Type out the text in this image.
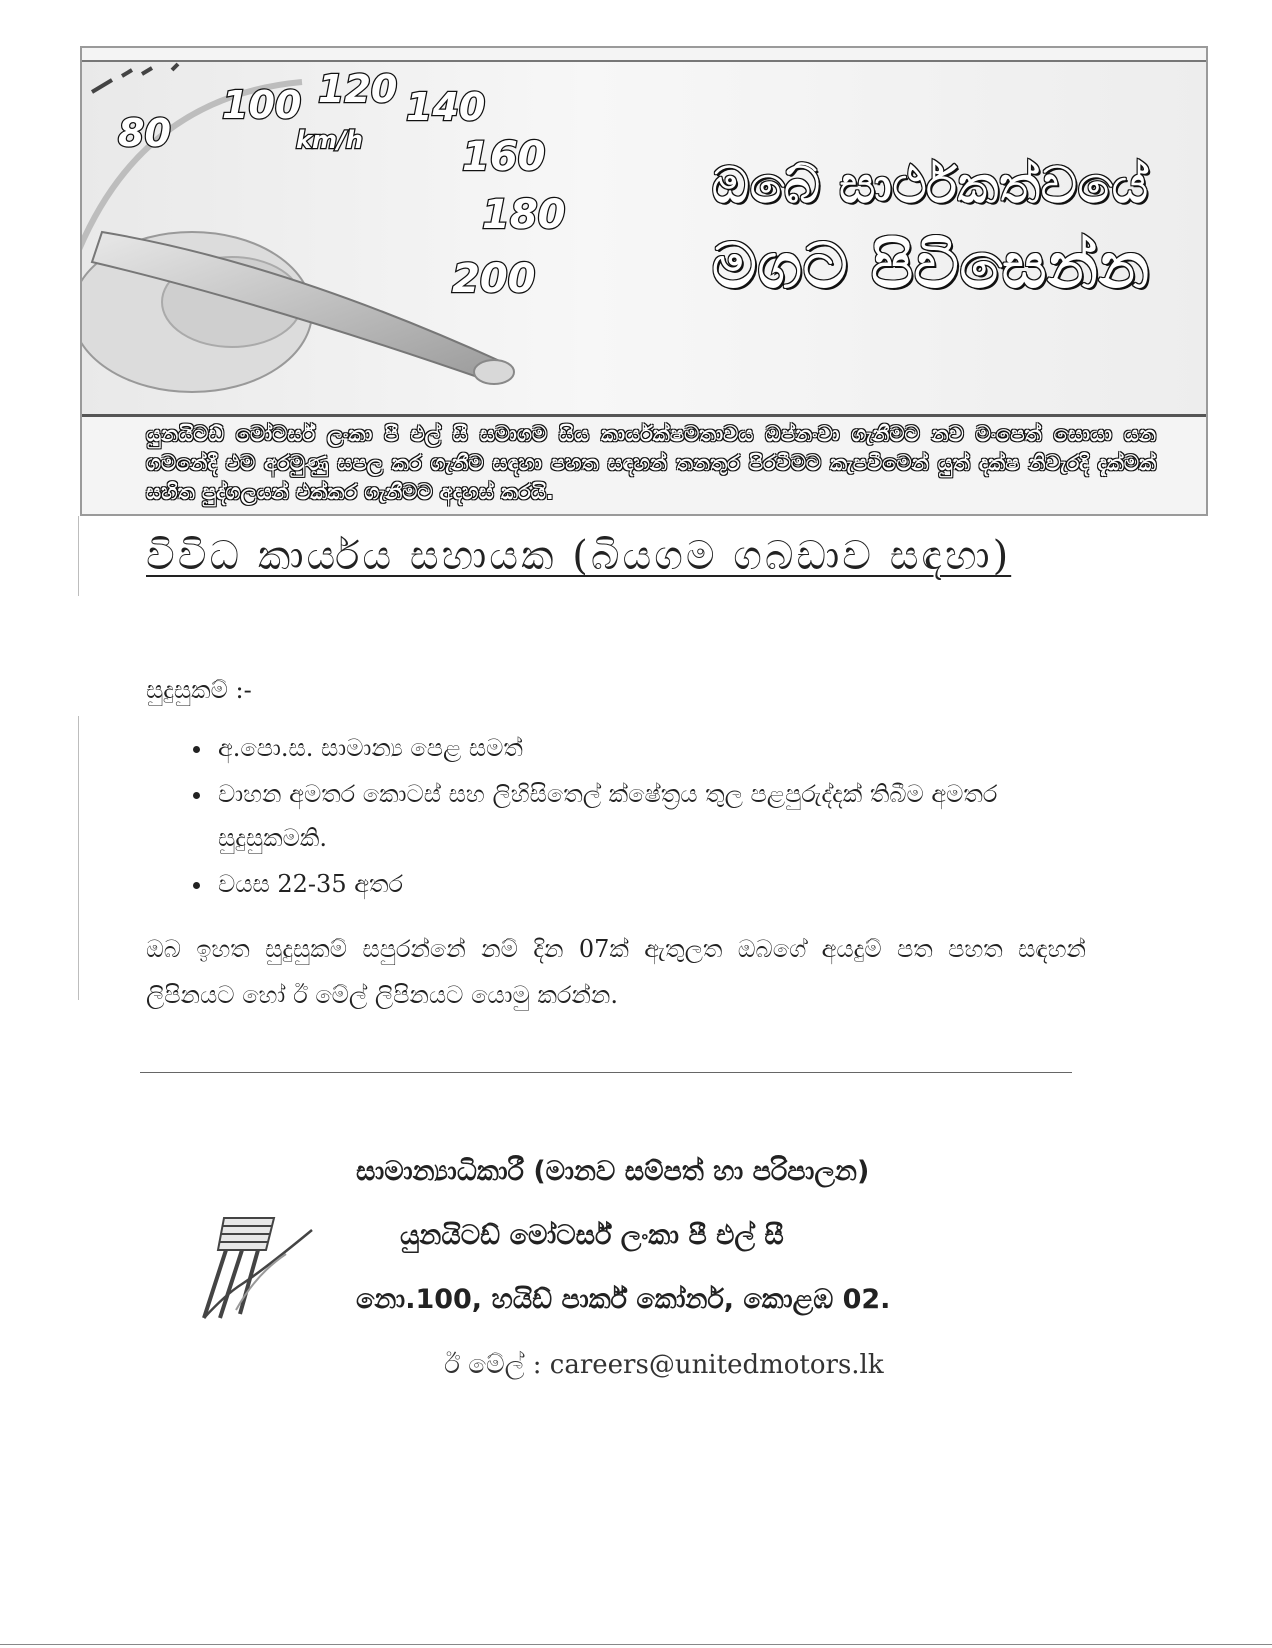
80
100 120 140
km/h 160
180
200
ඔබේ සාර්ථකත්වයේ
මගට පිවිසෙන්න
යුනයිටඩ් මෝටර්ස් ලංකා පී එල් සී සමාගම සිය කාර්යක්ෂමතාවය ඔප්නංවා ගැනීමට නව මංපෙත් සොයා යන ගමනේදී එම අරමුණු සපල කර ගැනීම සඳහා පහත සඳහන් තනතුර පිරවීමට කැපවීමෙන් යුත් දක්ෂ නිවැරදි දැක්මක් සහිත පුද්ගලයන් එක්කර ගැනීමට අදහස් කරයි.
විවිධ කාර්යය සහායක (බියගම ගබඩාව සඳහා)
සුදුසුකම් :-
• අ.පො.ස. සාමාන්‍ය පෙළ සමත්
• වාහන අමතර කොටස් සහ ලිහිසිතෙල් ක්ෂේත්‍රය තුල පළපුරුද්දක් තිබීම අමතර සුදුසුකමකි.
• වයස 22-35 අතර

ඔබ ඉහත සුදුසුකම් සපුරන්නේ නම් දින 07ක් ඇතුලත ඔබගේ අයදුම් පත පහත සඳහන් ලිපිනයට හෝ ඊ මේල් ලිපිනයට යොමු කරන්න.

සාමාන්‍යාධිකාරී (මානව සම්පත් හා පරිපාලන)
යුනයිටඩ් මෝටර්ස් ලංකා පී එල් සී
නො.100, හයිඩ් පාර්ක් කෝනර්, කොළඹ 02.
ඊ මේල් : careers@unitedmotors.lk
